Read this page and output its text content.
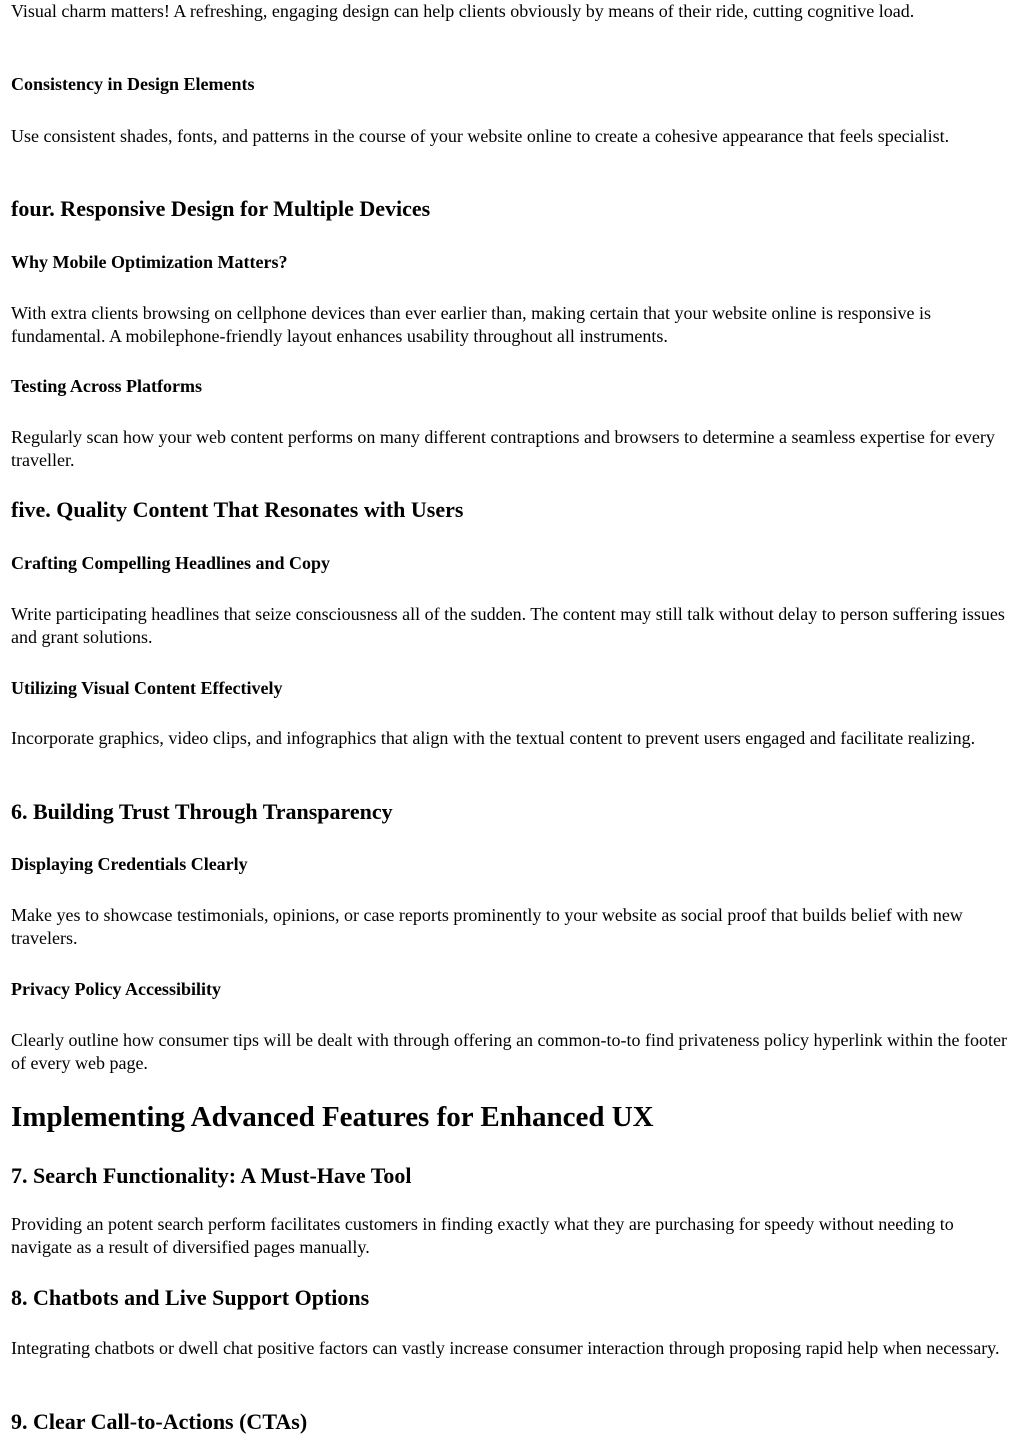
Visual charm matters! A refreshing, engaging design can help clients obviously by means of their ride, cutting cognitive load.

Consistency in Design Elements

Use consistent shades, fonts, and patterns in the course of your website online to create a cohesive appearance that feels specialist.

four. Responsive Design for Multiple Devices
Why Mobile Optimization Matters?

With extra clients browsing on cellphone devices than ever earlier than, making certain that your website online is responsive is fundamental. A mobilephone-friendly layout enhances usability throughout all instruments.

Testing Across Platforms

Regularly scan how your web content performs on many different contraptions and browsers to determine a seamless expertise for every traveller.

five. Quality Content That Resonates with Users
Crafting Compelling Headlines and Copy

Write participating headlines that seize consciousness all of the sudden. The content may still talk without delay to person suffering issues and grant solutions.

Utilizing Visual Content Effectively

Incorporate graphics, video clips, and infographics that align with the textual content to prevent users engaged and facilitate realizing.

6. Building Trust Through Transparency
Displaying Credentials Clearly

Make yes to showcase testimonials, opinions, or case reports prominently to your website as social proof that builds belief with new travelers.

Privacy Policy Accessibility

Clearly outline how consumer tips will be dealt with through offering an common-to-to find privateness policy hyperlink within the footer of every web page.

Implementing Advanced Features for Enhanced UX
7. Search Functionality: A Must-Have Tool

Providing an potent search perform facilitates customers in finding exactly what they are purchasing for speedy without needing to navigate as a result of diversified pages manually.

8. Chatbots and Live Support Options

Integrating chatbots or dwell chat positive factors can vastly increase consumer interaction through proposing rapid help when necessary.

9. Clear Call-to-Actions (CTAs)
